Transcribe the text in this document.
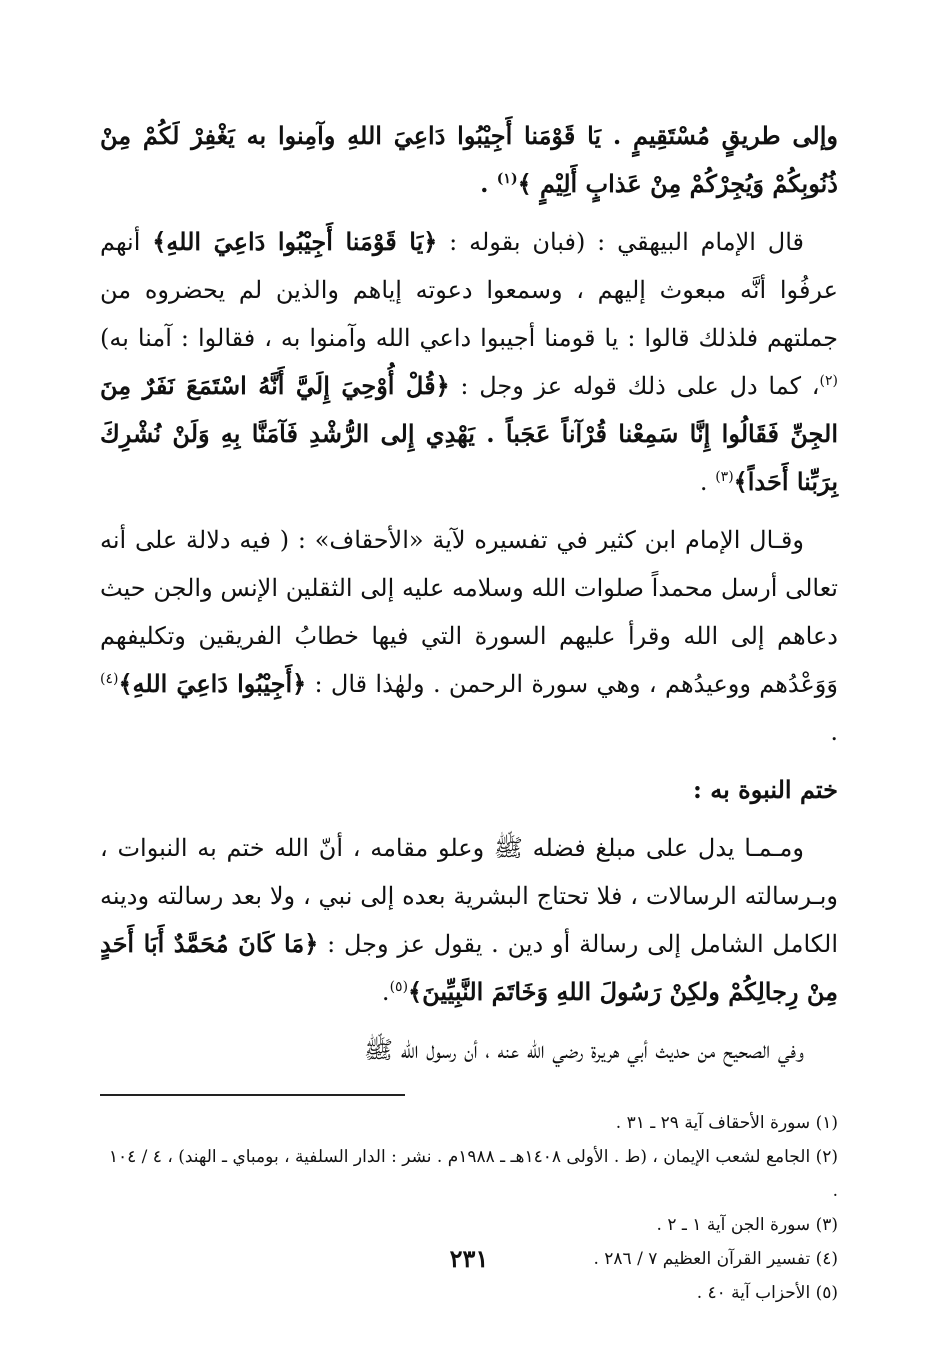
وإلى طريقٍ مُسْتَقِيمٍ . يَا قَوْمَنا أَجِيْبُوا دَاعِيَ اللهِ وآمِنوا به يَغْفِرْ لَكُمْ مِنْ ذُنُوبِكُمْ وَيُجِرْكُمْ مِنْ عَذابٍ أَلِيْمٍ ﴾$^{(١)}$ .

قال الإمام البيهقي : (فبان بقوله : ﴿يَا قَوْمَنا أَجِيْبُوا دَاعِيَ اللهِ﴾ أنهم عرفُوا أنَّه مبعوث إليهم ، وسمعوا دعوته إياهم والذين لم يحضروه من جملتهم فلذلك قالوا : يا قومنا أجيبوا داعي الله وآمنوا به ، فقالوا : آمنا به)$^{(٢)}$، كما دل على ذلك قوله عز وجل : ﴿قُلْ أُوْحِيَ إِلَيَّ أَنَّهُ اسْتَمَعَ نَفَرٌ مِنَ الجِنِّ فَقَالُوا إِنَّا سَمِعْنا قُرْآناً عَجَباً . يَهْدِي إِلى الرُّشْدِ فَآمَنَّا بِهِ وَلَنْ نُشْرِكَ بِرَبِّنا أَحَداً﴾$^{(٣)}$ .

وقـال الإمام ابن كثير في تفسيره لآية «الأحقاف» : ( فيه دلالة على أنه تعالى أرسل محمداً صلوات الله وسلامه عليه إلى الثقلين الإنس والجن حيث دعاهم إلى الله وقرأ عليهم السورة التي فيها خطابُ الفريقين وتكليفهم وَوَعْدُهم ووعيدُهم ، وهي سورة الرحمن . ولهٰذا قال : ﴿أَجِيْبُوا دَاعِيَ اللهِ﴾$^{(٤)}$ .

ختم النبوة به :

ومـمـا يدل على مبلغ فضله ﷺ وعلو مقامه ، أنّ الله ختم به النبوات ، وبـرسالته الرسالات ، فلا تحتاج البشرية بعده إلى نبي ، ولا بعد رسالته ودينه الكامل الشامل إلى رسالة أو دين . يقول عز وجل : ﴿مَا كَانَ مُحَمَّدٌ أَبَا أَحَدٍ مِنْ رِجالِكُمْ ولكِنْ رَسُولَ اللهِ وَخَاتَمَ النَّبِيِّينَ﴾$^{(٥)}$.

وفي الصحيح من حديث أبي هريرة رضي الله عنه ، أن رسول الله ﷺ

(١) سورة الأحقاف آية ٢٩ ـ ٣١ .

(٢) الجامع لشعب الإيمان ، (ط . الأولى ١٤٠٨هـ ـ ١٩٨٨م . نشر : الدار السلفية ، بومباي ـ الهند) ، ٤ / ١٠٤ .

(٣) سورة الجن آية ١ ـ ٢ .

(٤) تفسير القرآن العظيم ٧ / ٢٨٦ .

(٥) الأحزاب آية ٤٠ .

٢٣١
